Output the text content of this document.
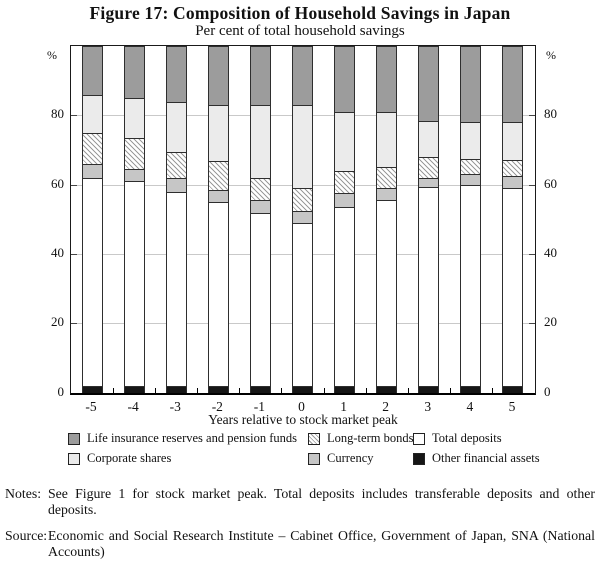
Figure 17: Composition of Household Savings in Japan
Per cent of total household savings
%	%
0	0
20	20
40	40
60	60
80	80
-5	-4	-3	-2	-1	0	1	2	3	4	5
Years relative to stock market peak
Life insurance reserves and pension funds Long-term bonds Total deposits
Corporate shares	Currency	Other financial assets
Notes: See Figure 1 for stock market peak. Total deposits includes transferable deposits and other deposits.
Source: Economic and Social Research Institute – Cabinet Office, Government of Japan, SNA (National Accounts)
